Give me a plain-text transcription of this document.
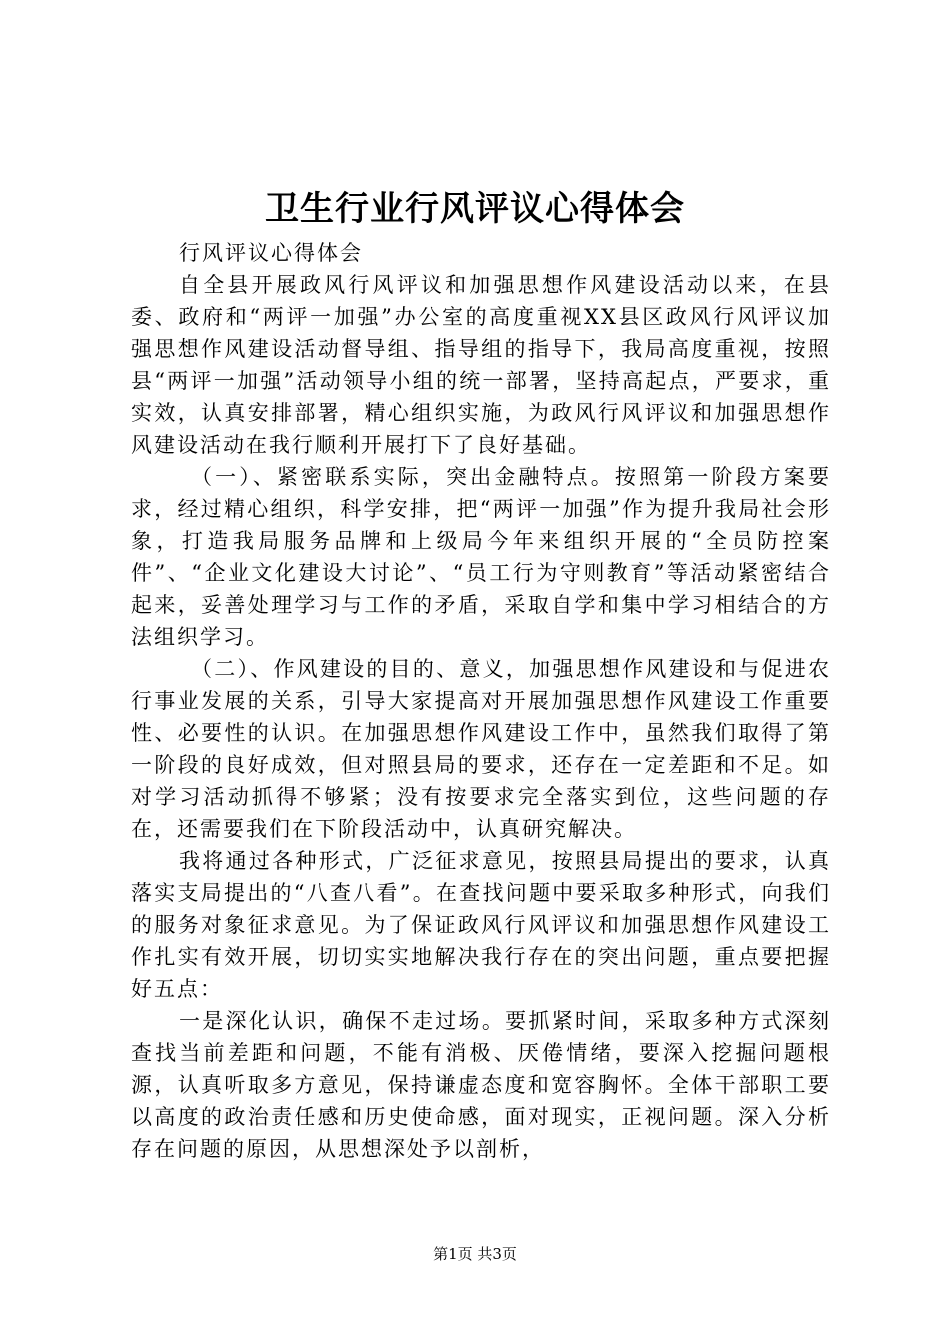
卫生行业行风评议心得体会

行风评议心得体会

自全县开展政风行风评议和加强思想作风建设活动以来，在县委、政府和“两评一加强”办公室的高度重视XX县区政风行风评议加强思想作风建设活动督导组、指导组的指导下，我局高度重视，按照县“两评一加强”活动领导小组的统一部署，坚持高起点，严要求，重实效，认真安排部署，精心组织实施，为政风行风评议和加强思想作风建设活动在我行顺利开展打下了良好基础。

（一）、紧密联系实际，突出金融特点。按照第一阶段方案要求，经过精心组织，科学安排，把“两评一加强”作为提升我局社会形象，打造我局服务品牌和上级局今年来组织开展的“全员防控案件”、“企业文化建设大讨论”、“员工行为守则教育”等活动紧密结合起来，妥善处理学习与工作的矛盾，采取自学和集中学习相结合的方法组织学习。

（二）、作风建设的目的、意义，加强思想作风建设和与促进农行事业发展的关系，引导大家提高对开展加强思想作风建设工作重要性、必要性的认识。在加强思想作风建设工作中，虽然我们取得了第一阶段的良好成效，但对照县局的要求，还存在一定差距和不足。如对学习活动抓得不够紧；没有按要求完全落实到位，这些问题的存在，还需要我们在下阶段活动中，认真研究解决。

我将通过各种形式，广泛征求意见，按照县局提出的要求，认真落实支局提出的“八查八看”。在查找问题中要采取多种形式，向我们的服务对象征求意见。为了保证政风行风评议和加强思想作风建设工作扎实有效开展，切切实实地解决我行存在的突出问题，重点要把握好五点：

一是深化认识，确保不走过场。要抓紧时间，采取多种方式深刻查找当前差距和问题，不能有消极、厌倦情绪，要深入挖掘问题根源，认真听取多方意见，保持谦虚态度和宽容胸怀。全体干部职工要以高度的政治责任感和历史使命感，面对现实，正视问题。深入分析存在问题的原因，从思想深处予以剖析，

第1页 共3页
